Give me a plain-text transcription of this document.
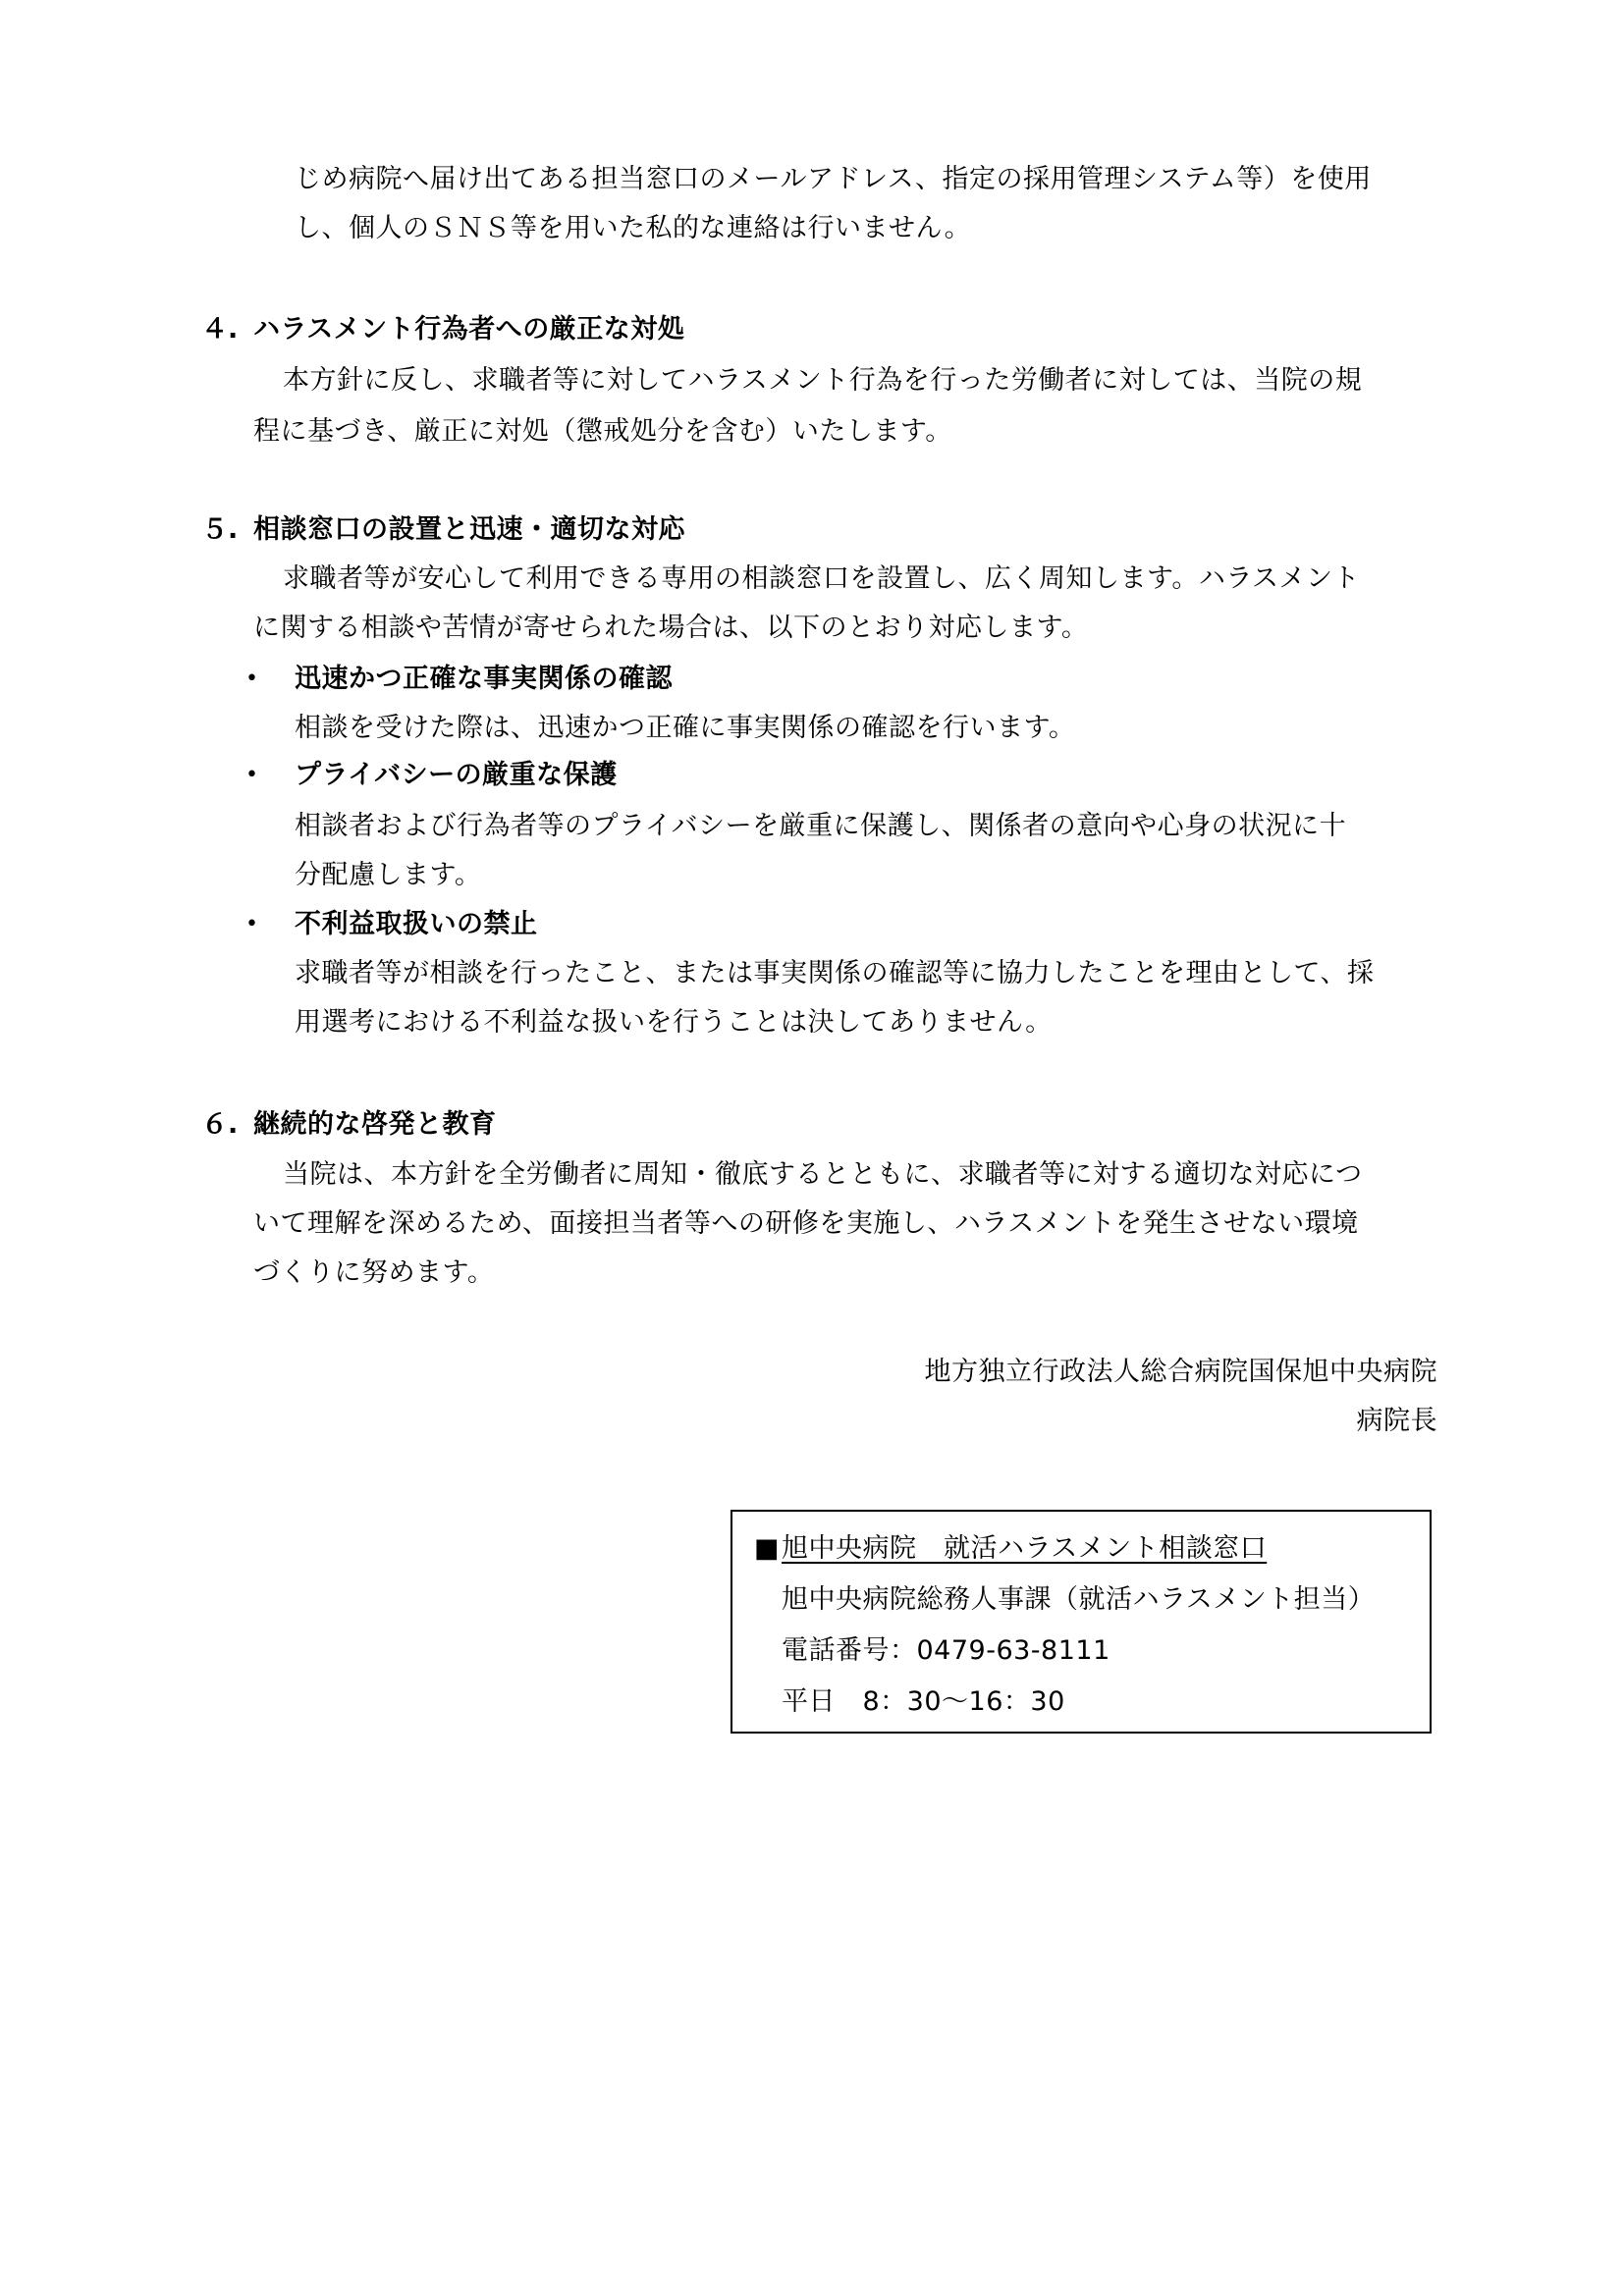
じめ病院へ届け出てある担当窓口のメールアドレス、指定の採用管理システム等）を使用
し、個人のＳＮＳ等を用いた私的な連絡は行いません。
４. ハラスメント行為者への厳正な対処
本方針に反し、求職者等に対してハラスメント行為を行った労働者に対しては、当院の規
程に基づき、厳正に対処（懲戒処分を含む）いたします。
５. 相談窓口の設置と迅速・適切な対応
求職者等が安心して利用できる専用の相談窓口を設置し、広く周知します。ハラスメント
に関する相談や苦情が寄せられた場合は、以下のとおり対応します。
• 迅速かつ正確な事実関係の確認
相談を受けた際は、迅速かつ正確に事実関係の確認を行います。
• プライバシーの厳重な保護
相談者および行為者等のプライバシーを厳重に保護し、関係者の意向や心身の状況に十
分配慮します。
• 不利益取扱いの禁止
求職者等が相談を行ったこと、または事実関係の確認等に協力したことを理由として、採
用選考における不利益な扱いを行うことは決してありません。
６. 継続的な啓発と教育
当院は、本方針を全労働者に周知・徹底するとともに、求職者等に対する適切な対応につ
いて理解を深めるため、面接担当者等への研修を実施し、ハラスメントを発生させない環境
づくりに努めます。
地方独立行政法人総合病院国保旭中央病院
病院長
■ 旭中央病院　就活ハラスメント相談窓口
旭中央病院総務人事課（就活ハラスメント担当）
電話番号：0479-63-8111
平日　8：30～16：30
